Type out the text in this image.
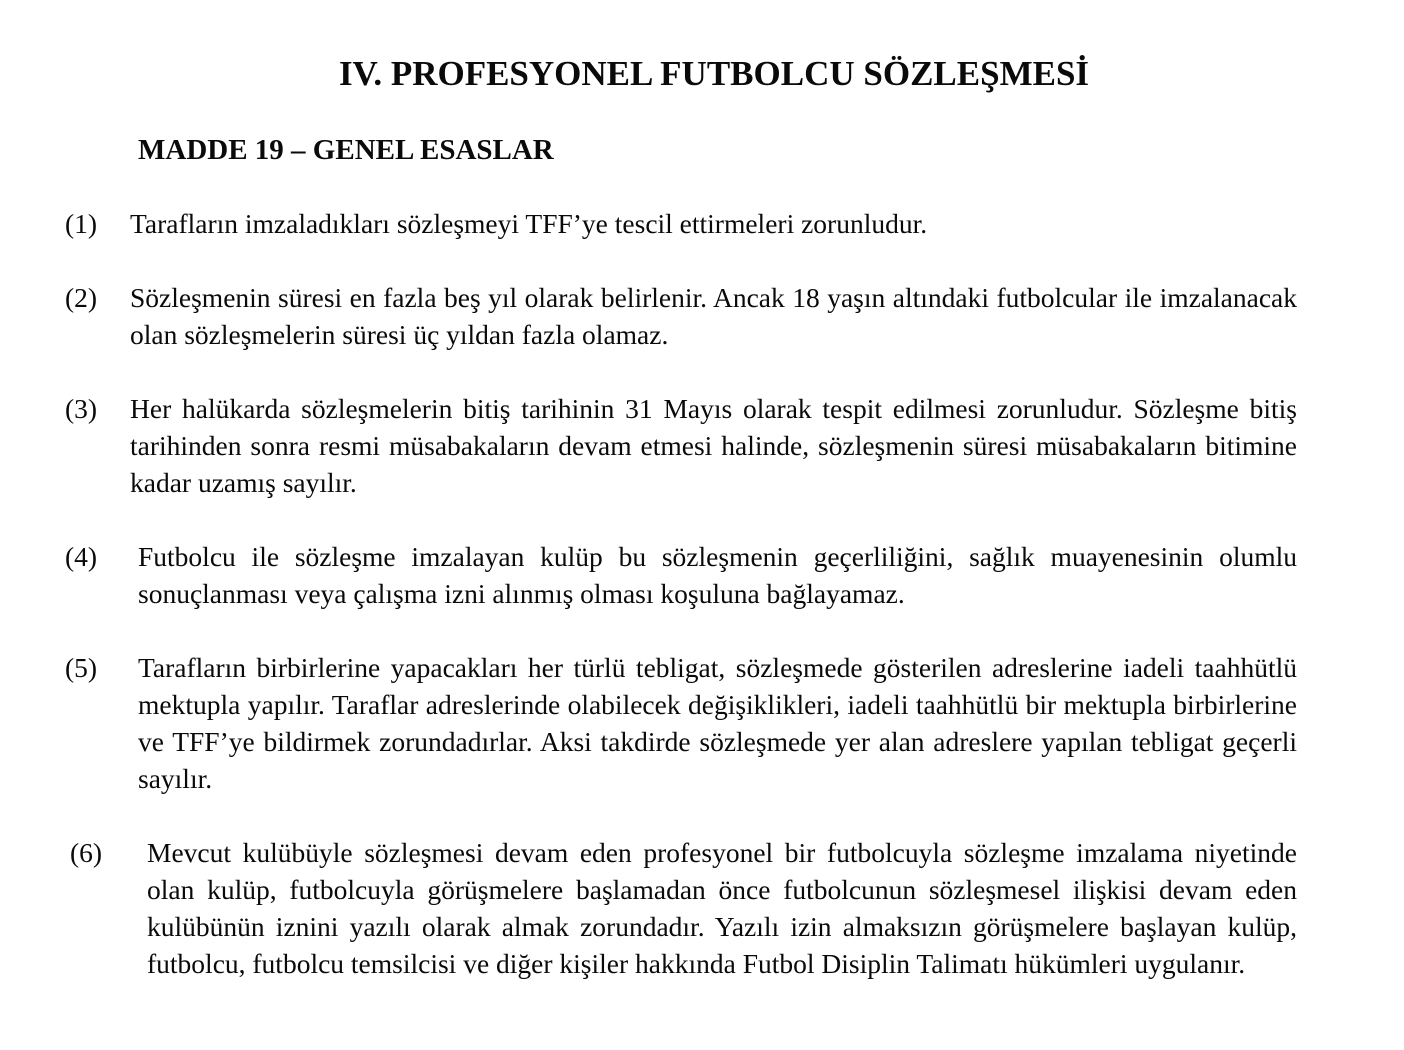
IV. PROFESYONEL FUTBOLCU SÖZLEŞMESİ
MADDE 19 – GENEL ESASLAR
(1) Tarafların imzaladıkları sözleşmeyi TFF’ye tescil ettirmeleri zorunludur.

(2) Sözleşmenin süresi en fazla beş yıl olarak belirlenir. Ancak 18 yaşın altındaki futbolcular ile imzalanacak olan sözleşmelerin süresi üç yıldan fazla olamaz.

(3) Her halükarda sözleşmelerin bitiş tarihinin 31 Mayıs olarak tespit edilmesi zorunludur. Sözleşme bitiş tarihinden sonra resmi müsabakaların devam etmesi halinde, sözleşmenin süresi müsabakaların bitimine kadar uzamış sayılır.

(4) Futbolcu ile sözleşme imzalayan kulüp bu sözleşmenin geçerliliğini, sağlık muayenesinin olumlu sonuçlanması veya çalışma izni alınmış olması koşuluna bağlayamaz.

(5) Tarafların birbirlerine yapacakları her türlü tebligat, sözleşmede gösterilen adreslerine iadeli taahhütlü mektupla yapılır. Taraflar adreslerinde olabilecek değişiklikleri, iadeli taahhütlü bir mektupla birbirlerine ve TFF’ye bildirmek zorundadırlar. Aksi takdirde sözleşmede yer alan adreslere yapılan tebligat geçerli sayılır.

(6) Mevcut kulübüyle sözleşmesi devam eden profesyonel bir futbolcuyla sözleşme imzalama niyetinde olan kulüp, futbolcuyla görüşmelere başlamadan önce futbolcunun sözleşmesel ilişkisi devam eden kulübünün iznini yazılı olarak almak zorundadır. Yazılı izin almaksızın görüşmelere başlayan kulüp, futbolcu, futbolcu temsilcisi ve diğer kişiler hakkında Futbol Disiplin Talimatı hükümleri uygulanır.
